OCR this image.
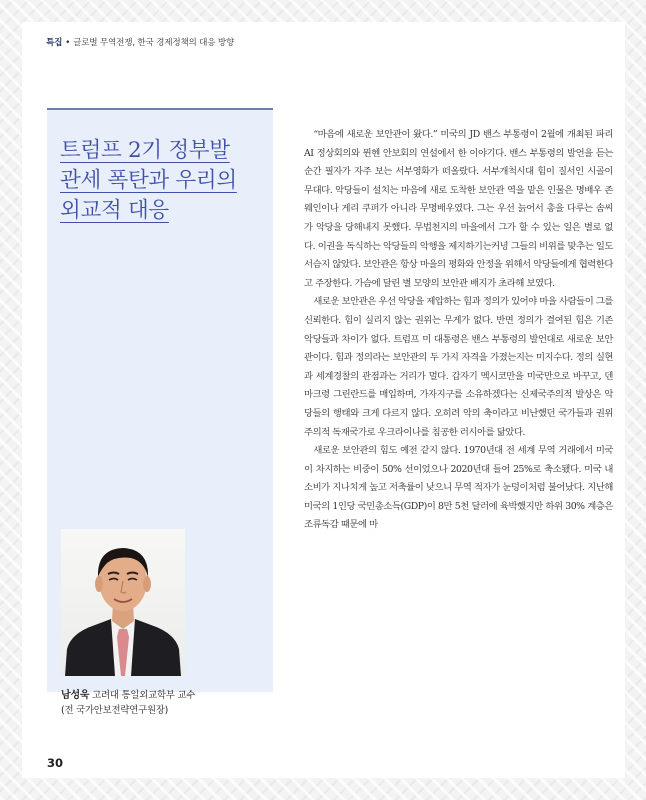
특집 • 글로벌 무역전쟁, 한국 경제정책의 대응 방향
트럼프 2기 정부발
관세 폭탄과 우리의
외교적 대응
남성욱 고려대 통일외교학부 교수
(전 국가안보전략연구원장)

“마음에 새로운 보안관이 왔다.” 미국의 JD 밴스 부통령이 2월에 개최된 파리 AI 정상회의와 뮌헨 안보회의 연설에서 한 이야기다. 밴스 부통령의 발언을 듣는 순간 필자가 자주 보는 서부영화가 떠올랐다. 서부개척시대 힘이 질서인 시골이 무대다. 악당들이 설치는 마음에 새로 도착한 보안관 역을 맡은 인물은 명배우 존 웨인이나 게리 쿠퍼가 아니라 무명배우였다. 그는 우선 늙어서 총을 다루는 솜씨가 악당을 당해내지 못했다. 무법천지의 마을에서 그가 할 수 있는 일은 별로 없다. 이권을 독식하는 악당들의 악행을 제지하기는커녕 그들의 비위를 맞추는 일도 서슴지 않았다. 보안관은 항상 마을의 평화와 안정을 위해서 악당들에게 협력한다고 주장한다. 가슴에 달린 별 모양의 보안관 배지가 초라해 보였다.

새로운 보안관은 우선 악당을 제압하는 힘과 정의가 있어야 마을 사람들이 그를 신뢰한다. 힘이 실리지 않는 권위는 무게가 없다. 반면 정의가 결여된 힘은 기존 악당들과 차이가 없다. 트럼프 미 대통령은 밴스 부통령의 발언대로 새로운 보안관이다. 힘과 정의라는 보안관의 두 가지 자격을 가졌는지는 미지수다. 정의 실현과 세계경찰의 관점과는 거리가 멀다. 갑자기 멕시코만을 미국만으로 바꾸고, 덴마크령 그린란드를 매입하며, 가자지구를 소유하겠다는 신제국주의적 발상은 악당들의 행태와 크게 다르지 않다. 오히려 악의 축이라고 비난했던 국가들과 권위주의적 독재국가로 우크라이나를 침공한 러시아를 닮았다.

새로운 보안관의 힘도 예전 같지 않다. 1970년대 전 세계 무역 거래에서 미국이 차지하는 비중이 50% 선이었으나 2020년대 들어 25%로 축소됐다. 미국 내 소비가 지나치게 높고 저축률이 낮으니 무역 적자가 눈덩이처럼 불어났다. 지난해 미국의 1인당 국민총소득(GDP)이 8만 5천 달러에 육박했지만 하위 30% 계층은 조류독감 때문에 마

30
